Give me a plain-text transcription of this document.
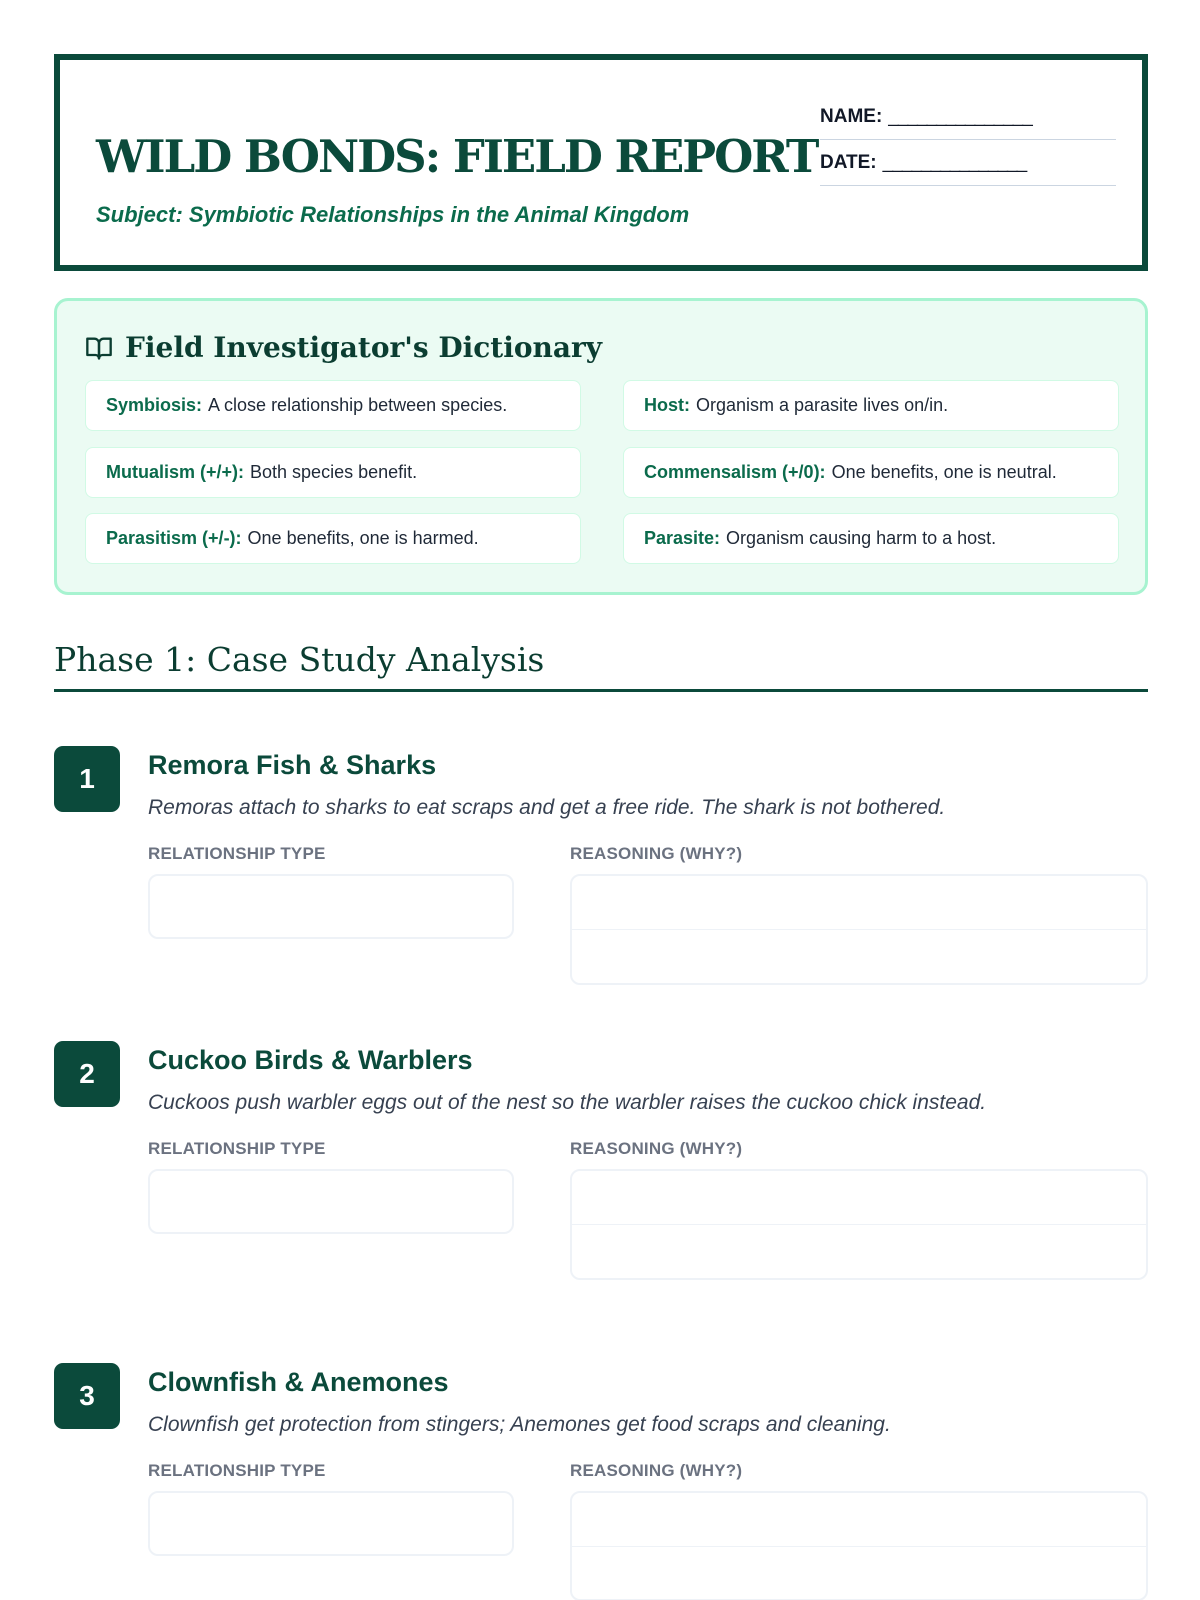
WILD BONDS: FIELD REPORT
Subject: Symbiotic Relationships in the Animal Kingdom
NAME: _______________
DATE: _______________
Field Investigator's Dictionary
Symbiosis: A close relationship between species.	Host: Organism a parasite lives on/in.
Mutualism (+/+): Both species benefit.	Commensalism (+/0): One benefits, one is neutral.
Parasitism (+/-): One benefits, one is harmed.	Parasite: Organism causing harm to a host.
Phase 1: Case Study Analysis
1	Remora Fish & Sharks
Remoras attach to sharks to eat scraps and get a free ride. The shark is not bothered.
RELATIONSHIP TYPE	REASONING (WHY?)
2	Cuckoo Birds & Warblers
Cuckoos push warbler eggs out of the nest so the warbler raises the cuckoo chick instead.
RELATIONSHIP TYPE	REASONING (WHY?)
3	Clownfish & Anemones
Clownfish get protection from stingers; Anemones get food scraps and cleaning.
RELATIONSHIP TYPE	REASONING (WHY?)
